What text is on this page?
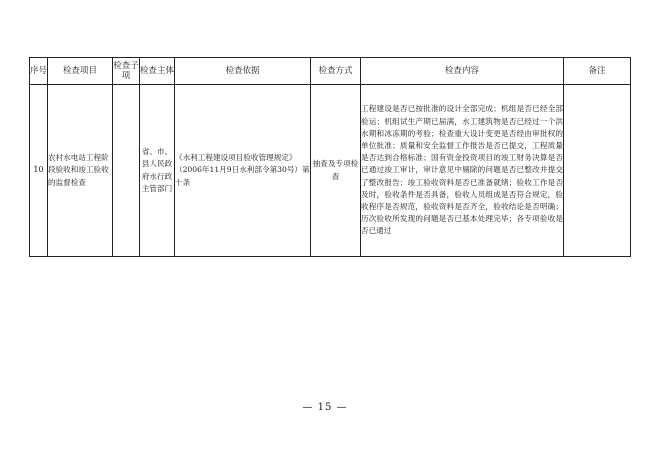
序号	检查项目	检查子项	检查主体	检查依据	检查方式	检查内容	备注
10	农村水电站工程阶段验收和竣工验收的监督检查		省、市、县人民政府水行政主管部门	《水利工程建设项目验收管理规定》（2006年11月9日水利部令第30号）第十条	抽查及专项检查	工程建设是否已按批准的设计全部完成；机组是否已经全部验运；机组试生产期已届满，水工建筑物是否已经过一个洪水期和冰冻期的考验；检查重大设计变更是否经由审批权的单位批准；质量和安全监督工作报告是否已提交，工程质量是否达到合格标准；国有资金投资项目的竣工财务决算是否已通过竣工审计，审计意见中剔除的问题是否已整改并提交了整改报告；竣工验收资料是否已准备就绪；验收工作是否及时，验收条件是否具备，验收人员组成是否符合规定，验收程序是否规范，验收资料是否齐全，验收结论是否明确；历次验收所发现的问题是否已基本处理完毕；各专项验收是否已通过	
— 15 —
